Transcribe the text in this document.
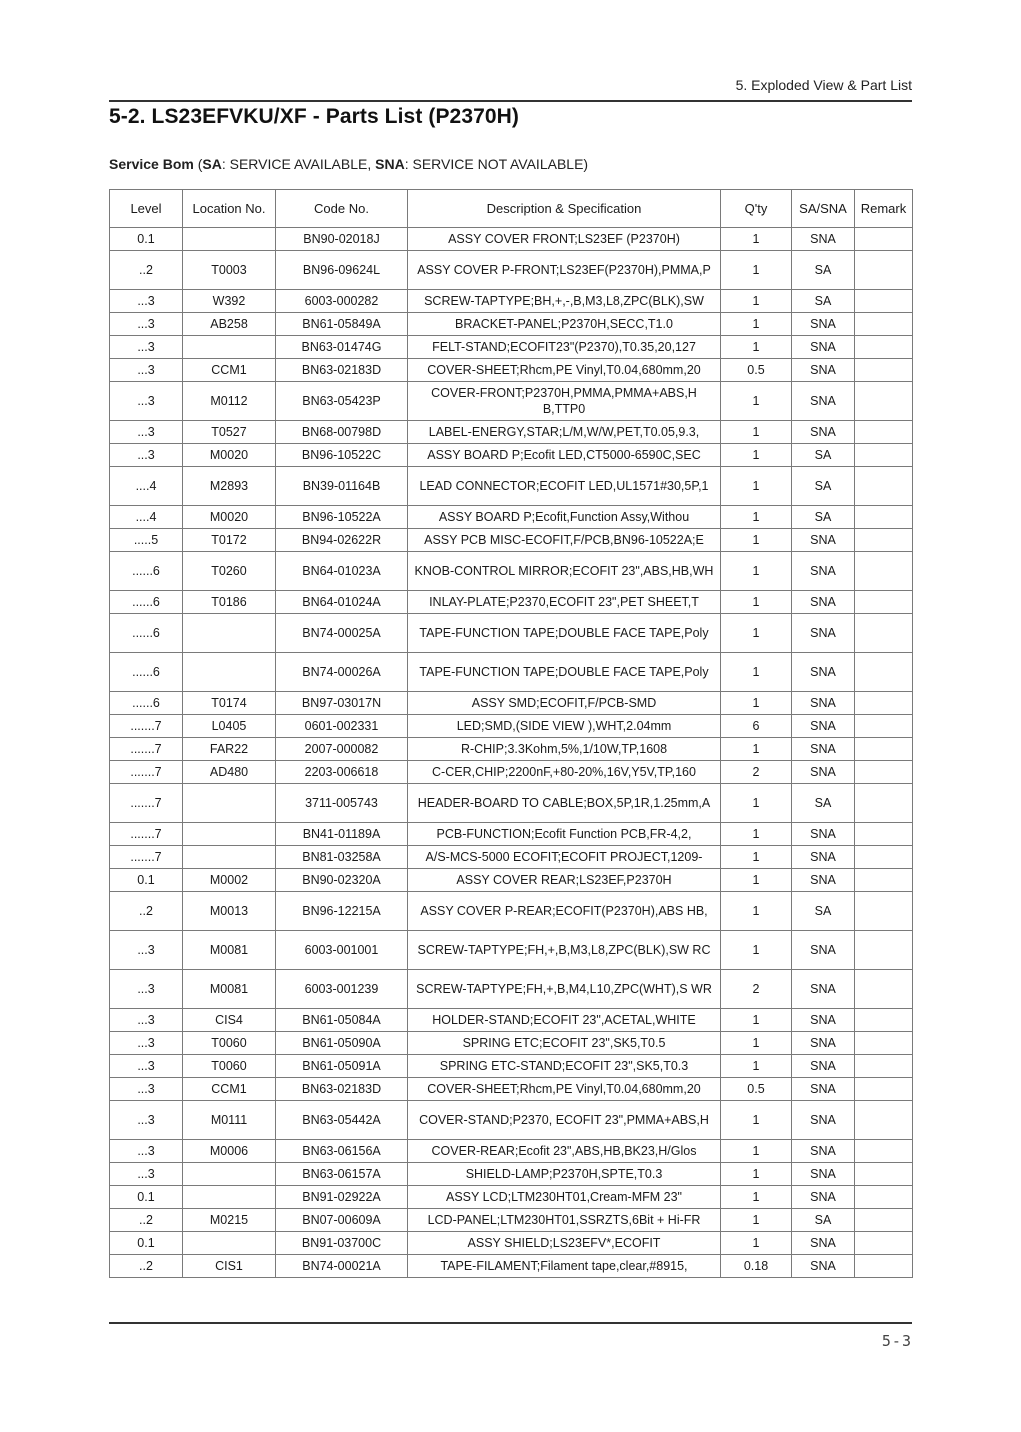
5. Exploded View & Part List
5-2. LS23EFVKU/XF - Parts List (P2370H)
Service Bom (SA: SERVICE AVAILABLE, SNA: SERVICE NOT AVAILABLE)
Level	Location No.	Code No.	Description & Specification	Q'ty	SA/SNA	Remark
0.1		BN90-02018J	ASSY COVER FRONT;LS23EF (P2370H)	1	SNA	
..2	T0003	BN96-09624L	ASSY COVER P-FRONT;LS23EF(P2370H),PMMA,P	1	SA	
...3	W392	6003-000282	SCREW-TAPTYPE;BH,+,-,B,M3,L8,ZPC(BLK),SW	1	SA	
...3	AB258	BN61-05849A	BRACKET-PANEL;P2370H,SECC,T1.0	1	SNA	
...3		BN63-01474G	FELT-STAND;ECOFIT23"(P2370),T0.35,20,127	1	SNA	
...3	CCM1	BN63-02183D	COVER-SHEET;Rhcm,PE Vinyl,T0.04,680mm,20	0.5	SNA	
...3	M0112	BN63-05423P	COVER-FRONT;P2370H,PMMA,PMMA+ABS,H B,TTP0	1	SNA	
...3	T0527	BN68-00798D	LABEL-ENERGY,STAR;L/M,W/W,PET,T0.05,9.3,	1	SNA	
...3	M0020	BN96-10522C	ASSY BOARD P;Ecofit LED,CT5000-6590C,SEC	1	SA	
....4	M2893	BN39-01164B	LEAD CONNECTOR;ECOFIT LED,UL1571#30,5P,1	1	SA	
....4	M0020	BN96-10522A	ASSY BOARD P;Ecofit,Function Assy,Withou	1	SA	
.....5	T0172	BN94-02622R	ASSY PCB MISC-ECOFIT,F/PCB,BN96-10522A;E	1	SNA	
......6	T0260	BN64-01023A	KNOB-CONTROL MIRROR;ECOFIT 23",ABS,HB,WH	1	SNA	
......6	T0186	BN64-01024A	INLAY-PLATE;P2370,ECOFIT 23",PET SHEET,T	1	SNA	
......6		BN74-00025A	TAPE-FUNCTION TAPE;DOUBLE FACE TAPE,Poly	1	SNA	
......6		BN74-00026A	TAPE-FUNCTION TAPE;DOUBLE FACE TAPE,Poly	1	SNA	
......6	T0174	BN97-03017N	ASSY SMD;ECOFIT,F/PCB-SMD	1	SNA	
.......7	L0405	0601-002331	LED;SMD,(SIDE VIEW ),WHT,2.04mm	6	SNA	
.......7	FAR22	2007-000082	R-CHIP;3.3Kohm,5%,1/10W,TP,1608	1	SNA	
.......7	AD480	2203-006618	C-CER,CHIP;2200nF,+80-20%,16V,Y5V,TP,160	2	SNA	
.......7		3711-005743	HEADER-BOARD TO CABLE;BOX,5P,1R,1.25mm,A	1	SA	
.......7		BN41-01189A	PCB-FUNCTION;Ecofit Function PCB,FR-4,2,	1	SNA	
.......7		BN81-03258A	A/S-MCS-5000 ECOFIT;ECOFIT PROJECT,1209-	1	SNA	
0.1	M0002	BN90-02320A	ASSY COVER REAR;LS23EF,P2370H	1	SNA	
..2	M0013	BN96-12215A	ASSY COVER P-REAR;ECOFIT(P2370H),ABS HB,	1	SA	
...3	M0081	6003-001001	SCREW-TAPTYPE;FH,+,B,M3,L8,ZPC(BLK),SW RC	1	SNA	
...3	M0081	6003-001239	SCREW-TAPTYPE;FH,+,B,M4,L10,ZPC(WHT),S WR	2	SNA	
...3	CIS4	BN61-05084A	HOLDER-STAND;ECOFIT 23",ACETAL,WHITE	1	SNA	
...3	T0060	BN61-05090A	SPRING ETC;ECOFIT 23",SK5,T0.5	1	SNA	
...3	T0060	BN61-05091A	SPRING ETC-STAND;ECOFIT 23",SK5,T0.3	1	SNA	
...3	CCM1	BN63-02183D	COVER-SHEET;Rhcm,PE Vinyl,T0.04,680mm,20	0.5	SNA	
...3	M0111	BN63-05442A	COVER-STAND;P2370, ECOFIT 23",PMMA+ABS,H	1	SNA	
...3	M0006	BN63-06156A	COVER-REAR;Ecofit 23",ABS,HB,BK23,H/Glos	1	SNA	
...3		BN63-06157A	SHIELD-LAMP;P2370H,SPTE,T0.3	1	SNA	
0.1		BN91-02922A	ASSY LCD;LTM230HT01,Cream-MFM 23"	1	SNA	
..2	M0215	BN07-00609A	LCD-PANEL;LTM230HT01,SSRZTS,6Bit + Hi-FR	1	SA	
0.1		BN91-03700C	ASSY SHIELD;LS23EFV*,ECOFIT	1	SNA	
..2	CIS1	BN74-00021A	TAPE-FILAMENT;Filament tape,clear,#8915,	0.18	SNA	
5-3
